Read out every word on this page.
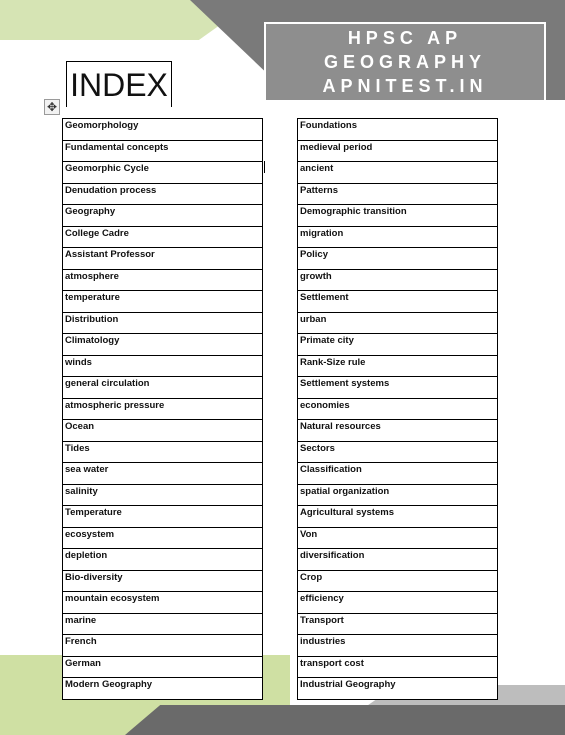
HPSC AP
GEOGRAPHY
APNITEST.IN
INDEX
✥
Geomorphology
Fundamental concepts
Geomorphic Cycle
Denudation process
Geography
College Cadre
Assistant Professor
atmosphere
temperature
Distribution
Climatology
winds
general circulation
atmospheric pressure
Ocean
Tides
sea water
salinity
Temperature
ecosystem
depletion
Bio-diversity
mountain ecosystem
marine
French
German
Modern Geography
Foundations
medieval period
ancient
Patterns
Demographic transition
migration
Policy
growth
Settlement
urban
Primate city
Rank-Size rule
Settlement systems
economies
Natural resources
Sectors
Classification
spatial organization
Agricultural systems
Von
diversification
Crop
efficiency
Transport
industries
transport cost
Industrial Geography
